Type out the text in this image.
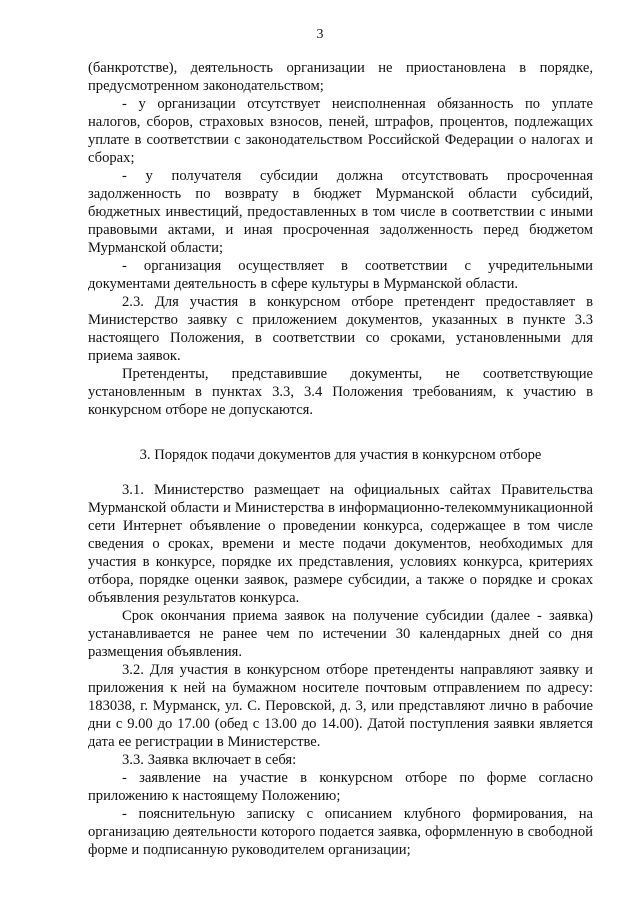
3

(банкротстве), деятельность организации не приостановлена в порядке, предусмотренном законодательством;

- у организации отсутствует неисполненная обязанность по уплате налогов, сборов, страховых взносов, пеней, штрафов, процентов, подлежащих уплате в соответствии с законодательством Российской Федерации о налогах и сборах;

- у получателя субсидии должна отсутствовать просроченная задолженность по возврату в бюджет Мурманской области субсидий, бюджетных инвестиций, предоставленных в том числе в соответствии с иными правовыми актами, и иная просроченная задолженность перед бюджетом Мурманской области;

- организация осуществляет в соответствии с учредительными документами деятельность в сфере культуры в Мурманской области.

2.3. Для участия в конкурсном отборе претендент предоставляет в Министерство заявку с приложением документов, указанных в пункте 3.3 настоящего Положения, в соответствии со сроками, установленными для приема заявок.

Претенденты, представившие документы, не соответствующие установленным в пунктах 3.3, 3.4 Положения требованиям, к участию в конкурсном отборе не допускаются.

3. Порядок подачи документов для участия в конкурсном отборе

3.1. Министерство размещает на официальных сайтах Правительства Мурманской области и Министерства в информационно-телекоммуникационной сети Интернет объявление о проведении конкурса, содержащее в том числе сведения о сроках, времени и месте подачи документов, необходимых для участия в конкурсе, порядке их представления, условиях конкурса, критериях отбора, порядке оценки заявок, размере субсидии, а также о порядке и сроках объявления результатов конкурса.

Срок окончания приема заявок на получение субсидии (далее - заявка) устанавливается не ранее чем по истечении 30 календарных дней со дня размещения объявления.

3.2. Для участия в конкурсном отборе претенденты направляют заявку и приложения к ней на бумажном носителе почтовым отправлением по адресу: 183038, г. Мурманск, ул. С. Перовской, д. 3, или представляют лично в рабочие дни с 9.00 до 17.00 (обед с 13.00 до 14.00). Датой поступления заявки является дата ее регистрации в Министерстве.

3.3. Заявка включает в себя:

- заявление на участие в конкурсном отборе по форме согласно приложению к настоящему Положению;

- пояснительную записку с описанием клубного формирования, на организацию деятельности которого подается заявка, оформленную в свободной форме и подписанную руководителем организации;
